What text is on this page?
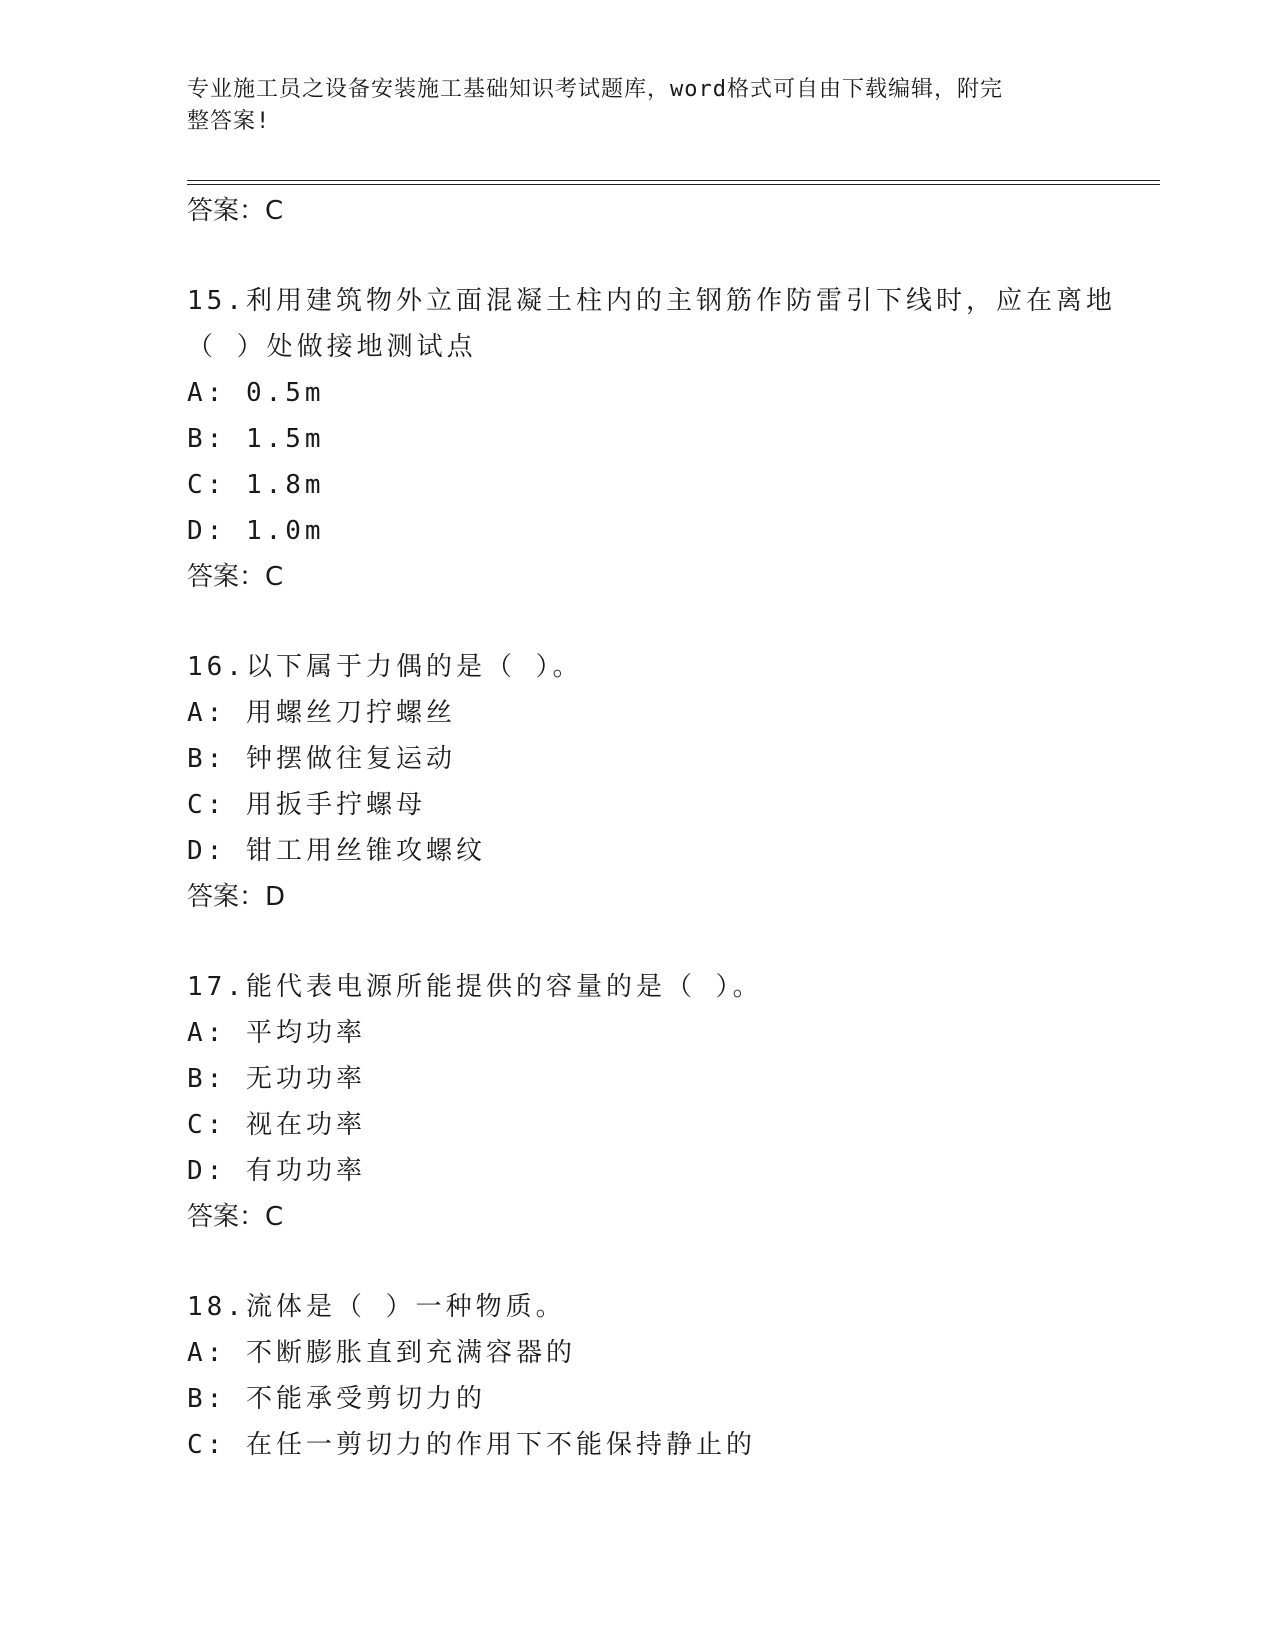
专业施工员之设备安装施工基础知识考试题库，word格式可自由下载编辑，附完
整答案!
答案：C
15.利用建筑物外立面混凝土柱内的主钢筋作防雷引下线时，应在离地
（ ）处做接地测试点
A: 0.5m
B: 1.5m
C: 1.8m
D: 1.0m
答案：C
16.以下属于力偶的是（ ）。
A: 用螺丝刀拧螺丝
B: 钟摆做往复运动
C: 用扳手拧螺母
D: 钳工用丝锥攻螺纹
答案：D
17.能代表电源所能提供的容量的是（ ）。
A: 平均功率
B: 无功功率
C: 视在功率
D: 有功功率
答案：C
18.流体是（ ）一种物质。
A: 不断膨胀直到充满容器的
B: 不能承受剪切力的
C: 在任一剪切力的作用下不能保持静止的
